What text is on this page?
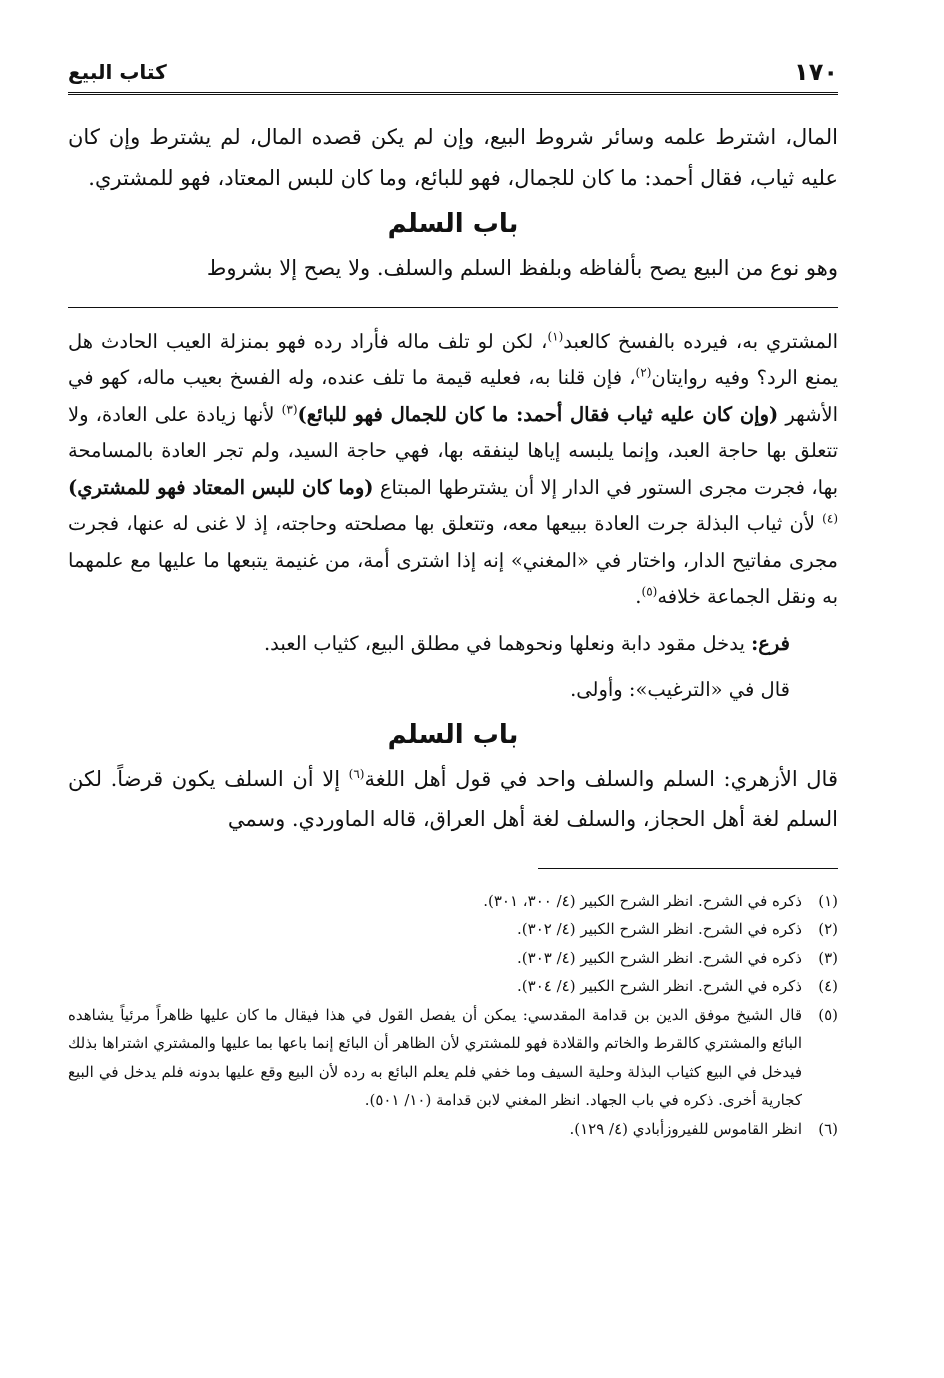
١٧٠
كتاب البيع

المال، اشترط علمه وسائر شروط البيع، وإن لم يكن قصده المال، لم يشترط وإن كان عليه ثياب، فقال أحمد: ما كان للجمال، فهو للبائع، وما كان للبس المعتاد، فهو للمشتري.

باب السلم

وهو نوع من البيع يصح بألفاظه وبلفظ السلم والسلف. ولا يصح إلا بشروط

المشتري به، فيرده بالفسخ كالعبد$^{(١)}$، لكن لو تلف ماله فأراد رده فهو بمنزلة العيب الحادث هل يمنع الرد؟ وفيه روايتان$^{(٢)}$، فإن قلنا به، فعليه قيمة ما تلف عنده، وله الفسخ بعيب ماله، كهو في الأشهر (وإن كان عليه ثياب فقال أحمد: ما كان للجمال فهو للبائع)$^{(٣)}$ لأنها زيادة على العادة، ولا تتعلق بها حاجة العبد، وإنما يلبسه إياها لينفقه بها، فهي حاجة السيد، ولم تجر العادة بالمسامحة بها، فجرت مجرى الستور في الدار إلا أن يشترطها المبتاع (وما كان للبس المعتاد فهو للمشتري)$^{(٤)}$ لأن ثياب البذلة جرت العادة ببيعها معه، وتتعلق بها مصلحته وحاجته، إذ لا غنى له عنها، فجرت مجرى مفاتيح الدار، واختار في «المغني» إنه إذا اشترى أمة، من غنيمة يتبعها ما عليها مع علمهما به ونقل الجماعة خلافه$^{(٥)}$.

فرع: يدخل مقود دابة ونعلها ونحوهما في مطلق البيع، كثياب العبد.

قال في «الترغيب»: وأولى.

باب السلم

قال الأزهري: السلم والسلف واحد في قول أهل اللغة$^{(٦)}$ إلا أن السلف يكون قرضاً. لكن السلم لغة أهل الحجاز، والسلف لغة أهل العراق، قاله الماوردي. وسمي

(١)
ذكره في الشرح. انظر الشرح الكبير (٤/ ٣٠٠، ٣٠١).
(٢)
ذكره في الشرح. انظر الشرح الكبير (٤/ ٣٠٢).
(٣)
ذكره في الشرح. انظر الشرح الكبير (٤/ ٣٠٣).
(٤)
ذكره في الشرح. انظر الشرح الكبير (٤/ ٣٠٤).
(٥)
قال الشيخ موفق الدين بن قدامة المقدسي: يمكن أن يفصل القول في هذا فيقال ما كان عليها ظاهراً مرئياً يشاهده البائع والمشتري كالقرط والخاتم والقلادة فهو للمشتري لأن الظاهر أن البائع إنما باعها بما عليها والمشتري اشتراها بذلك فيدخل في البيع كثياب البذلة وحلية السيف وما خفي فلم يعلم البائع به رده لأن البيع وقع عليها بدونه فلم يدخل في البيع كجارية أخرى. ذكره في باب الجهاد. انظر المغني لابن قدامة (١٠/ ٥٠١).
(٦)
انظر القاموس للفيروزأبادي (٤/ ١٢٩).
